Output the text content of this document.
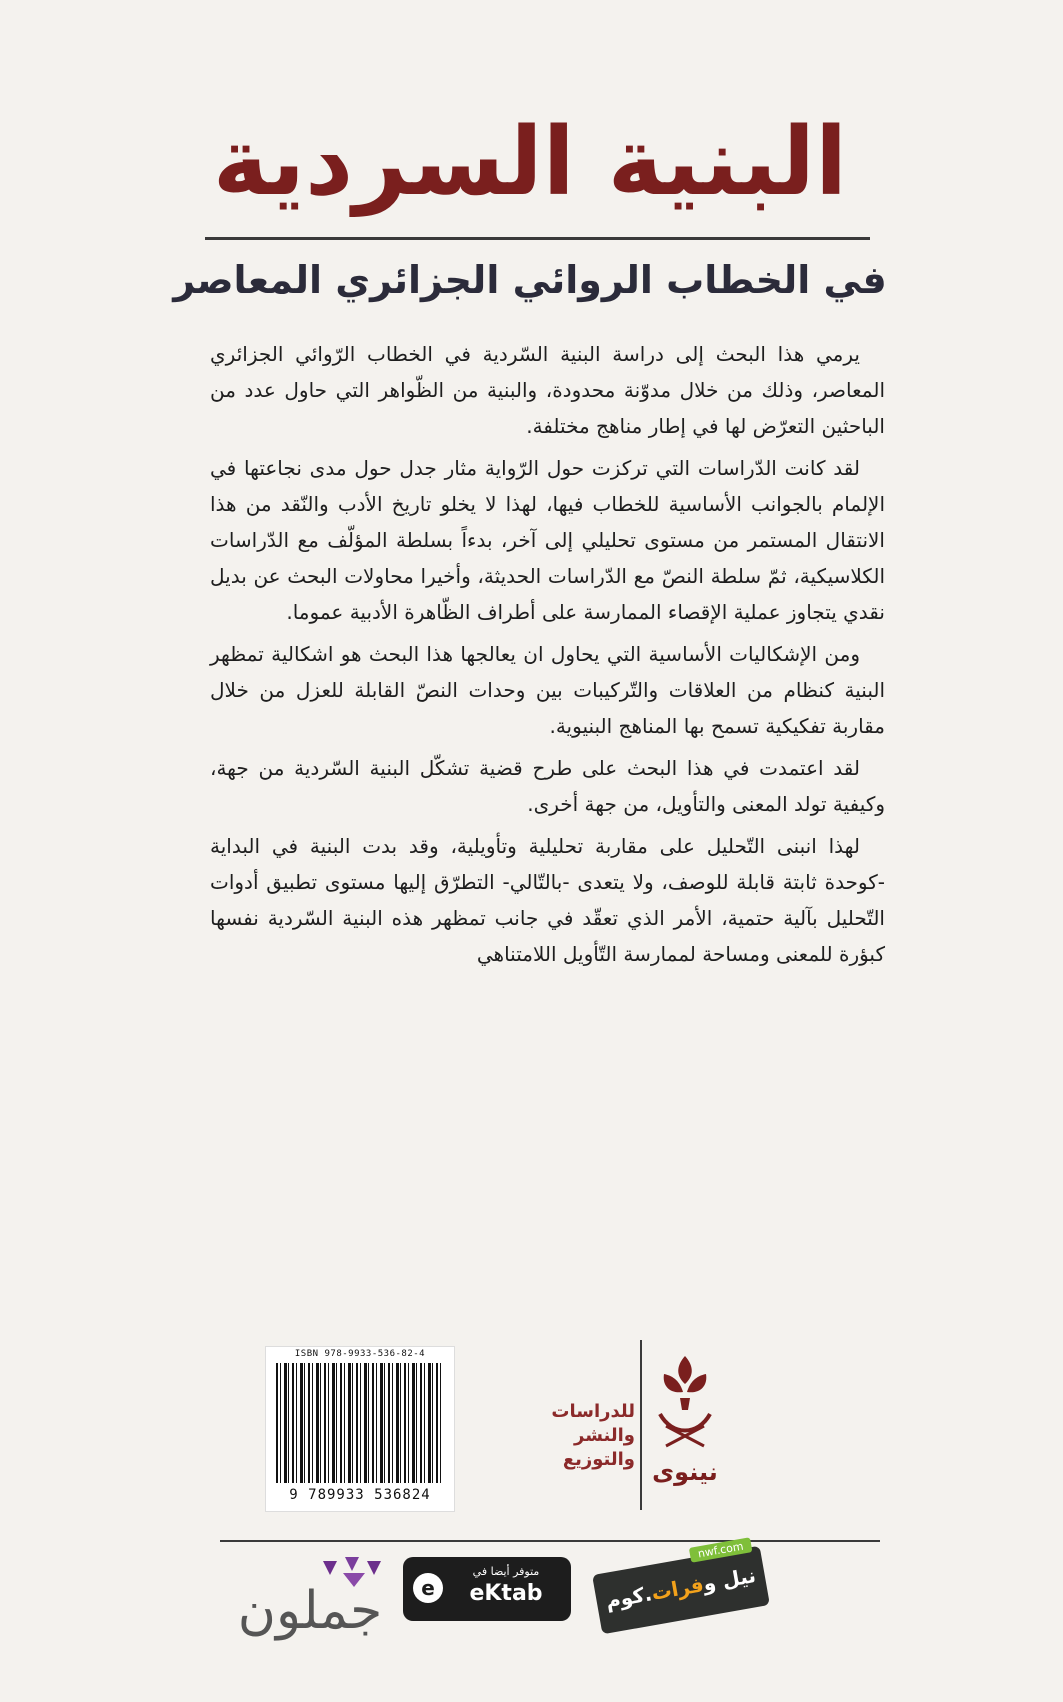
البنية السردية
في الخطاب الروائي الجزائري المعاصر

يرمي هذا البحث إلى دراسة البنية السّردية في الخطاب الرّوائي الجزائري المعاصر، وذلك من خلال مدوّنة محدودة، والبنية من الظّواهر التي حاول عدد من الباحثين التعرّض لها في إطار مناهج مختلفة.

لقد كانت الدّراسات التي تركزت حول الرّواية مثار جدل حول مدى نجاعتها في الإلمام بالجوانب الأساسية للخطاب فيها، لهذا لا يخلو تاريخ الأدب والنّقد من هذا الانتقال المستمر من مستوى تحليلي إلى آخر، بدءاً بسلطة المؤلّف مع الدّراسات الكلاسيكية، ثمّ سلطة النصّ مع الدّراسات الحديثة، وأخيرا محاولات البحث عن بديل نقدي يتجاوز عملية الإقصاء الممارسة على أطراف الظّاهرة الأدبية عموما.

ومن الإشكاليات الأساسية التي يحاول ان يعالجها هذا البحث هو اشكالية تمظهر البنية كنظام من العلاقات والتّركيبات بين وحدات النصّ القابلة للعزل من خلال مقاربة تفكيكية تسمح بها المناهج البنيوية.

لقد اعتمدت في هذا البحث على طرح قضية تشكّل البنية السّردية من جهة، وكيفية تولد المعنى والتأويل، من جهة أخرى.

لهذا انبنى التّحليل على مقاربة تحليلية وتأويلية، وقد بدت البنية في البداية -كوحدة ثابتة قابلة للوصف، ولا يتعدى -بالتّالي- التطرّق إليها مستوى تطبيق أدوات التّحليل بآلية حتمية، الأمر الذي تعقّد في جانب تمظهر هذه البنية السّردية نفسها كبؤرة للمعنى ومساحة لممارسة التّأويل اللامتناهي

ISBN 978-9933-536-82-4
9 789933 536824
للدراسات
والنشر
والتوزيع نينوى
جملون	e
متوفر أيضا في
eKtab
nwf.com
نيل وفرات.كوم
